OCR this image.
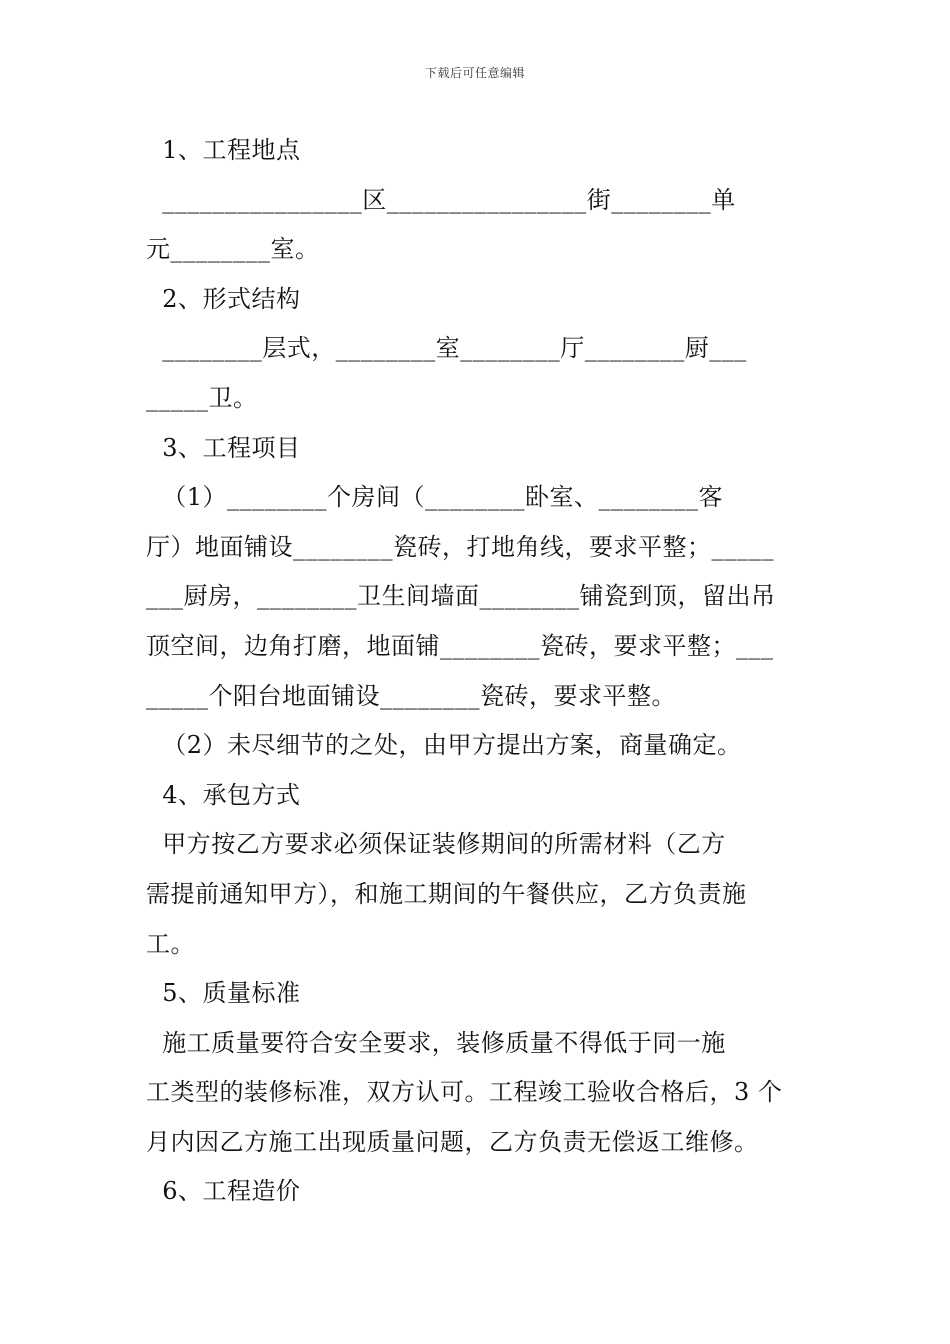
下载后可任意编辑
1、工程地点
________________区________________街________单
元________室。
2、形式结构
________层式，________室________厅________厨___
_____卫。
3、工程项目
（1）________个房间（________卧室、________客
厅）地面铺设________瓷砖，打地角线，要求平整；_____
___厨房，________卫生间墙面________铺瓷到顶，留出吊
顶空间，边角打磨，地面铺________瓷砖，要求平整；___
_____个阳台地面铺设________瓷砖，要求平整。
（2）未尽细节的之处，由甲方提出方案，商量确定。
4、承包方式
甲方按乙方要求必须保证装修期间的所需材料（乙方
需提前通知甲方），和施工期间的午餐供应，乙方负责施
工。
5、质量标准
施工质量要符合安全要求，装修质量不得低于同一施
工类型的装修标准，双方认可。工程竣工验收合格后，3 个
月内因乙方施工出现质量问题，乙方负责无偿返工维修。
6、工程造价
